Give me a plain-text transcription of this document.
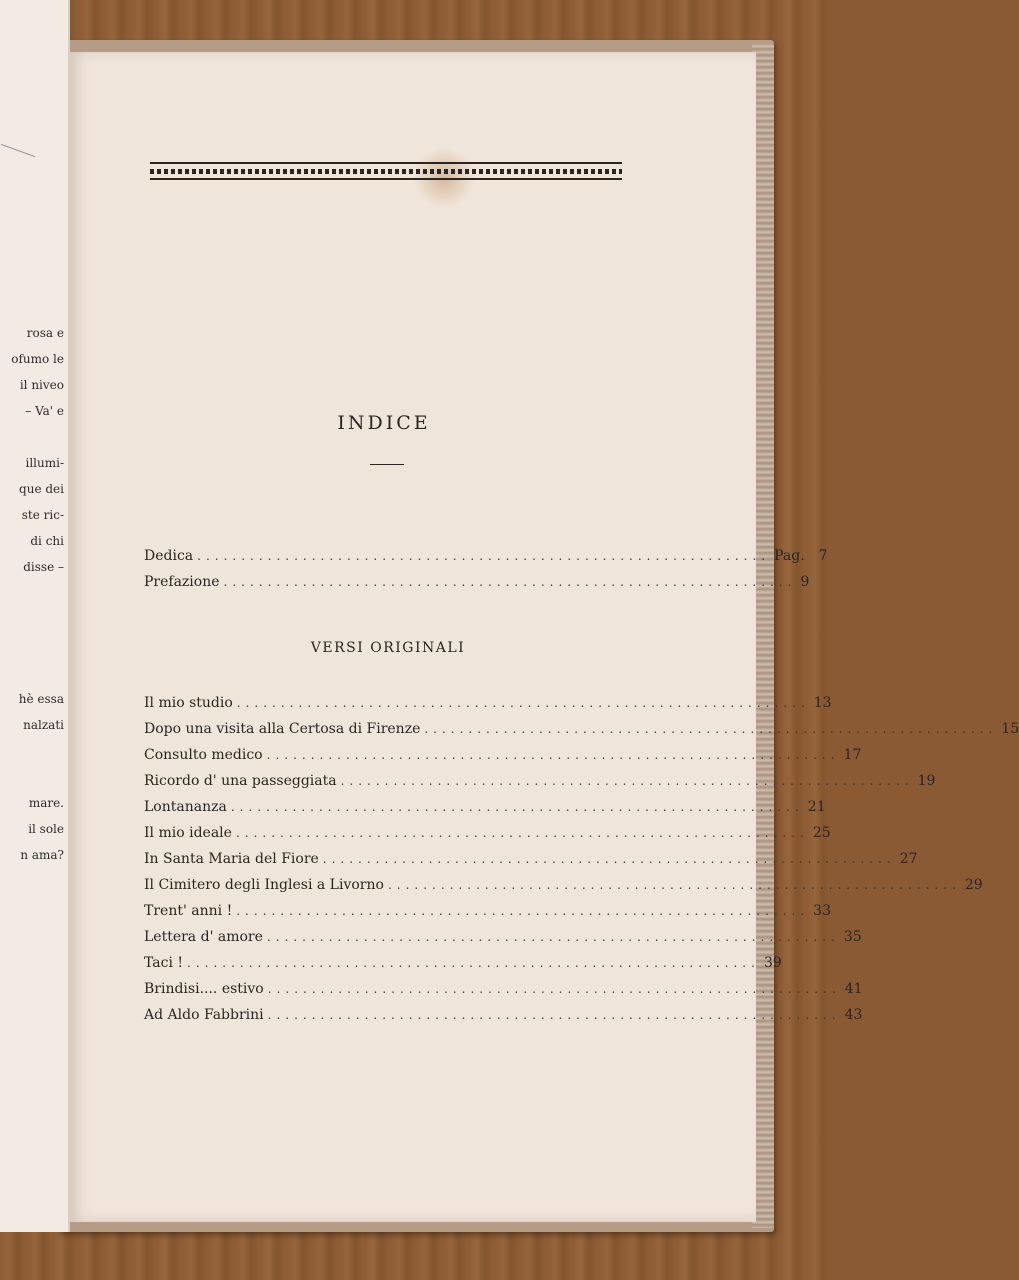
rosa e
ofumo le
il niveo
– Va' e
illumi-
que dei
ste ric-
di chi
disse –
hè essa
nalzati
mare.
il sole
n ama?
INDICE
Dedica ................................................................. Pag. 7
Prefazione ................................................................. 9
VERSI ORIGINALI
Il mio studio ................................................................. 13
Dopo una visita alla Certosa di Firenze ................................................................. 15
Consulto medico ................................................................. 17
Ricordo d' una passeggiata ................................................................. 19
Lontananza ................................................................. 21
Il mio ideale ................................................................. 25
In Santa Maria del Fiore ................................................................. 27
Il Cimitero degli Inglesi a Livorno ................................................................. 29
Trent' anni ! ................................................................. 33
Lettera d' amore ................................................................. 35
Taci ! ................................................................. 39
Brindisi.... estivo ................................................................. 41
Ad Aldo Fabbrini ................................................................. 43
